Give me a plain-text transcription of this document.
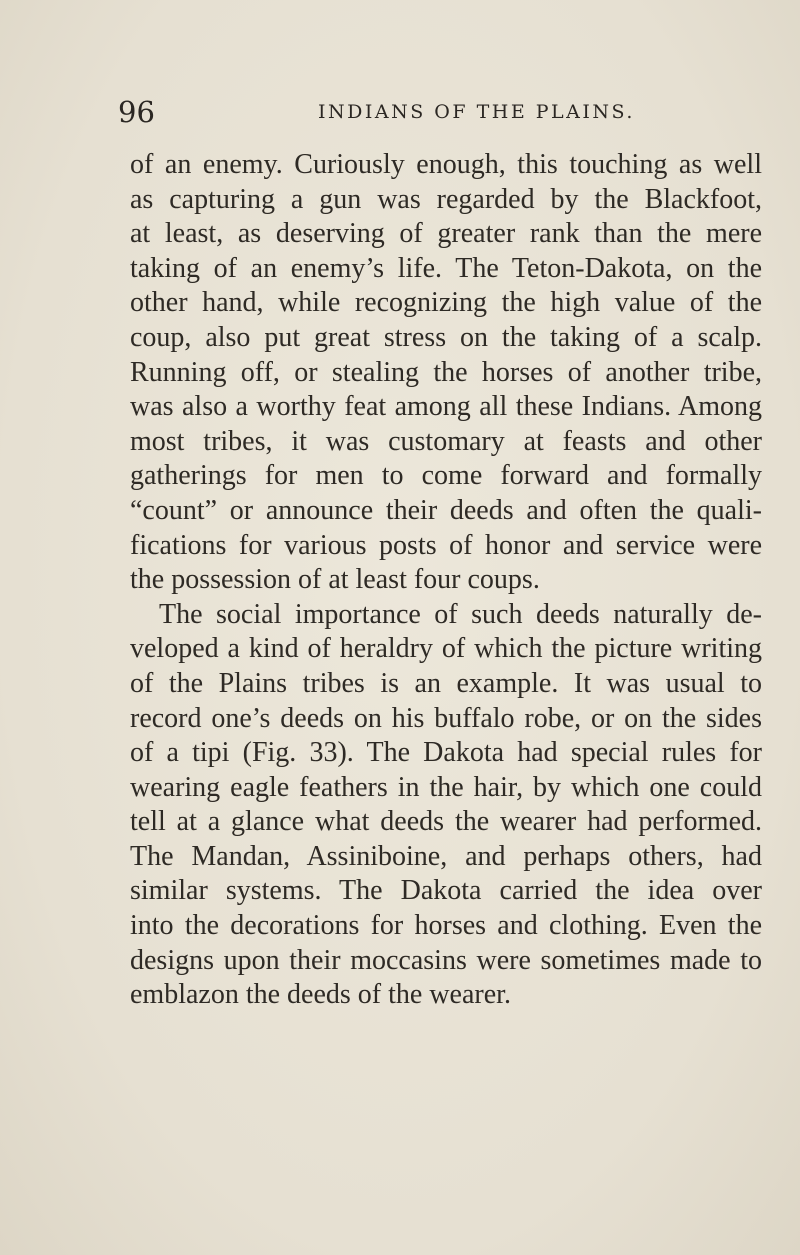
96	INDIANS OF THE PLAINS.

of an enemy. Curiously enough, this touching as well
as capturing a gun was regarded by the Blackfoot,
at least, as deserving of greater rank than the mere
taking of an enemy’s life. The Teton-Dakota, on the
other hand, while recognizing the high value of the
coup, also put great stress on the taking of a scalp.
Running off, or stealing the horses of another tribe,
was also a worthy feat among all these Indians. Among
most tribes, it was customary at feasts and other
gatherings for men to come forward and formally
“count” or announce their deeds and often the quali-
fications for various posts of honor and service were
the possession of at least four coups.

The social importance of such deeds naturally de-
veloped a kind of heraldry of which the picture writing
of the Plains tribes is an example. It was usual to
record one’s deeds on his buffalo robe, or on the sides
of a tipi (Fig. 33). The Dakota had special rules for
wearing eagle feathers in the hair, by which one could
tell at a glance what deeds the wearer had performed.
The Mandan, Assiniboine, and perhaps others, had
similar systems. The Dakota carried the idea over
into the decorations for horses and clothing. Even the
designs upon their moccasins were sometimes made to
emblazon the deeds of the wearer.
